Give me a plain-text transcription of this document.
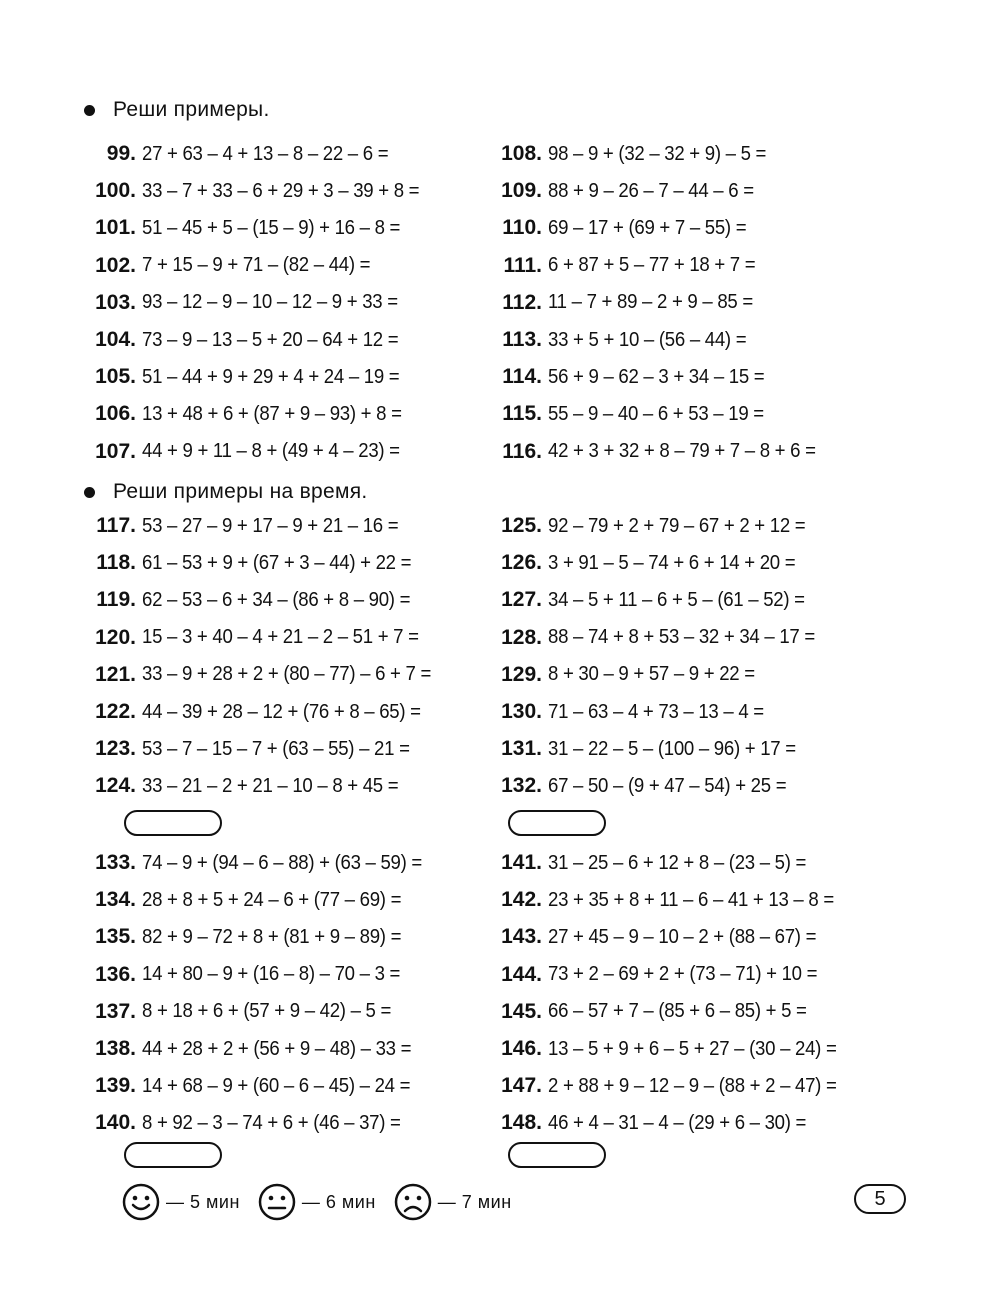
Реши примеры.
Реши примеры на время.
99. 27 + 63 – 4 + 13 – 8 – 22 – 6 =
100. 33 – 7 + 33 – 6 + 29 + 3 – 39 + 8 =
101. 51 – 45 + 5 – (15 – 9) + 16 – 8 =
102. 7 + 15 – 9 + 71 – (82 – 44) =
103. 93 – 12 – 9 – 10 – 12 – 9 + 33 =
104. 73 – 9 – 13 – 5 + 20 – 64 + 12 =
105. 51 – 44 + 9 + 29 + 4 + 24 – 19 =
106. 13 + 48 + 6 + (87 + 9 – 93) + 8 =
107. 44 + 9 + 11 – 8 + (49 + 4 – 23) =
108. 98 – 9 + (32 – 32 + 9) – 5 =
109. 88 + 9 – 26 – 7 – 44 – 6 =
110. 69 – 17 + (69 + 7 – 55) =
111. 6 + 87 + 5 – 77 + 18 + 7 =
112. 11 – 7 + 89 – 2 + 9 – 85 =
113. 33 + 5 + 10 – (56 – 44) =
114. 56 + 9 – 62 – 3 + 34 – 15 =
115. 55 – 9 – 40 – 6 + 53 – 19 =
116. 42 + 3 + 32 + 8 – 79 + 7 – 8 + 6 =
117. 53 – 27 – 9 + 17 – 9 + 21 – 16 =
118. 61 – 53 + 9 + (67 + 3 – 44) + 22 =
119. 62 – 53 – 6 + 34 – (86 + 8 – 90) =
120. 15 – 3 + 40 – 4 + 21 – 2 – 51 + 7 =
121. 33 – 9 + 28 + 2 + (80 – 77) – 6 + 7 =
122. 44 – 39 + 28 – 12 + (76 + 8 – 65) =
123. 53 – 7 – 15 – 7 + (63 – 55) – 21 =
124. 33 – 21 – 2 + 21 – 10 – 8 + 45 =
125. 92 – 79 + 2 + 79 – 67 + 2 + 12 =
126. 3 + 91 – 5 – 74 + 6 + 14 + 20 =
127. 34 – 5 + 11 – 6 + 5 – (61 – 52) =
128. 88 – 74 + 8 + 53 – 32 + 34 – 17 =
129. 8 + 30 – 9 + 57 – 9 + 22 =
130. 71 – 63 – 4 + 73 – 13 – 4 =
131. 31 – 22 – 5 – (100 – 96) + 17 =
132. 67 – 50 – (9 + 47 – 54) + 25 =
133. 74 – 9 + (94 – 6 – 88) + (63 – 59) =
134. 28 + 8 + 5 + 24 – 6 + (77 – 69) =
135. 82 + 9 – 72 + 8 + (81 + 9 – 89) =
136. 14 + 80 – 9 + (16 – 8) – 70 – 3 =
137. 8 + 18 + 6 + (57 + 9 – 42) – 5 =
138. 44 + 28 + 2 + (56 + 9 – 48) – 33 =
139. 14 + 68 – 9 + (60 – 6 – 45) – 24 =
140. 8 + 92 – 3 – 74 + 6 + (46 – 37) =
141. 31 – 25 – 6 + 12 + 8 – (23 – 5) =
142. 23 + 35 + 8 + 11 – 6 – 41 + 13 – 8 =
143. 27 + 45 – 9 – 10 – 2 + (88 – 67) =
144. 73 + 2 – 69 + 2 + (73 – 71) + 10 =
145. 66 – 57 + 7 – (85 + 6 – 85) + 5 =
146. 13 – 5 + 9 + 6 – 5 + 27 – (30 – 24) =
147. 2 + 88 + 9 – 12 – 9 – (88 + 2 – 47) =
148. 46 + 4 – 31 – 4 – (29 + 6 – 30) =
— 5 мин	— 6 мин	— 7 мин	5
